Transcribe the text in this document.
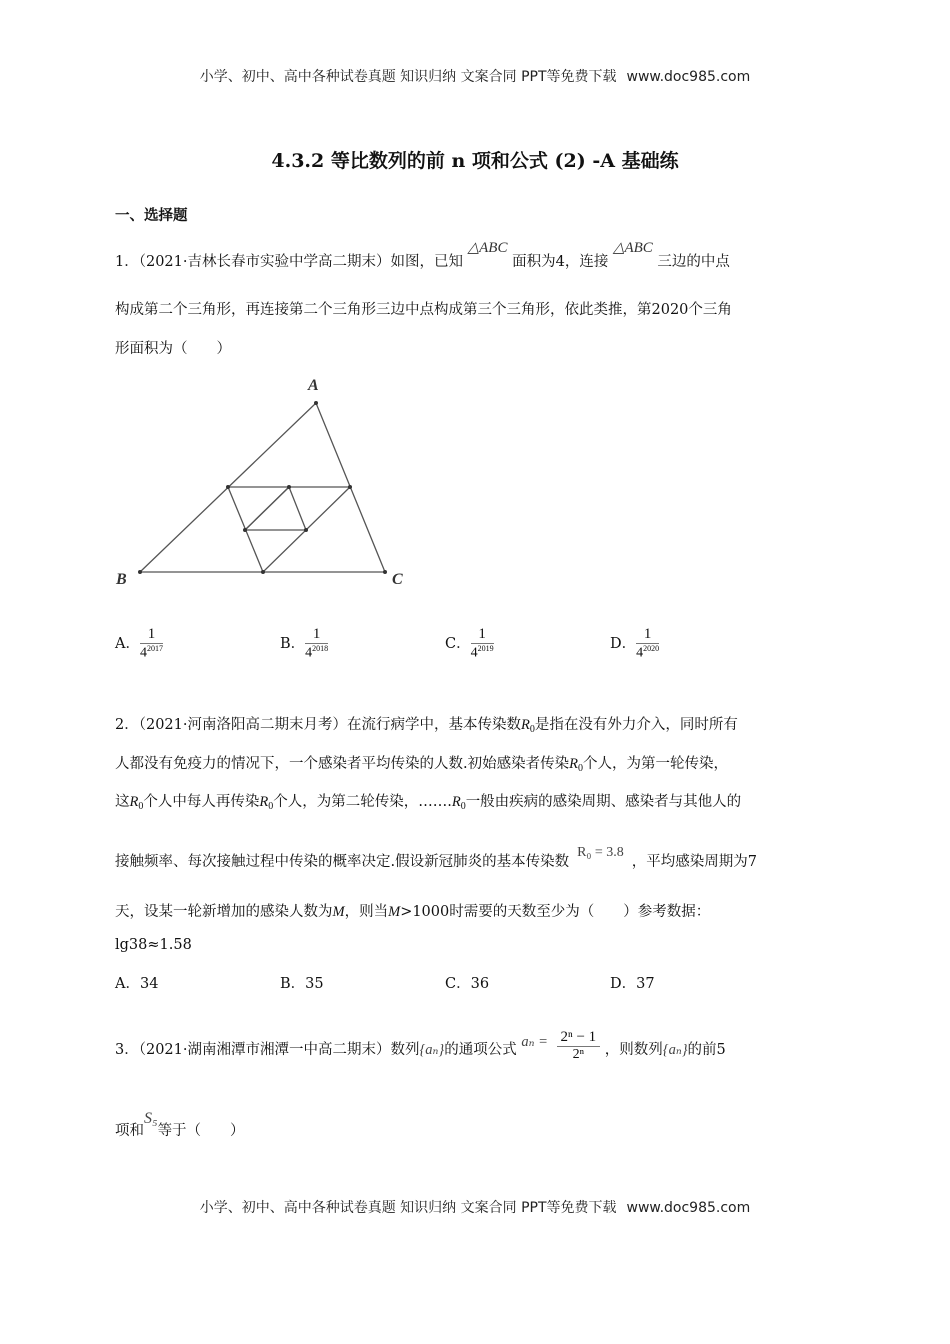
小学、初中、高中各种试卷真题 知识归纳 文案合同 PPT等免费下载 www.doc985.com
4.3.2 等比数列的前 n 项和公式 (2) -A 基础练
一、选择题
1．（2021·吉林长春市实验中学高二期末）如图，已知 △ABC 面积为4，连接 △ABC 三边的中点
构成第二个三角形，再连接第二个三角形三边中点构成第三个三角形，依此类推，第2020个三角
形面积为（　　）
A
B	C
A． $\frac{1}{4^{2017}}$	B． $\frac{1}{4^{2018}}$	C． $\frac{1}{4^{2019}}$	D． $\frac{1}{4^{2020}}$
2．（2021·河南洛阳高二期末月考）在流行病学中，基本传染数$R_0$是指在没有外力介入，同时所有
人都没有免疫力的情况下，一个感染者平均传染的人数.初始感染者传染$R_0$个人，为第一轮传染，
这$R_0$个人中每人再传染$R_0$个人，为第二轮传染，$\dots\dots.R_0$一般由疾病的感染周期、感染者与其他人的
接触频率、每次接触过程中传染的概率决定.假设新冠肺炎的基本传染数R₀ = 3.8，平均感染周期为7
天，设某一轮新增加的感染人数为M，则当M>1000时需要的天数至少为（　　）参考数据：
lg38≈1.58
A．34	B．35	C．36	D．37
3．（2021·湖南湘潭市湘潭一中高二期末）数列{aₙ}的通项公式 $a_n = \frac{\text{2ⁿ − 1}}{\text{2ⁿ}}$ ，则数列{aₙ}的前5
项和S₅等于（　　）
小学、初中、高中各种试卷真题 知识归纳 文案合同 PPT等免费下载 www.doc985.com
